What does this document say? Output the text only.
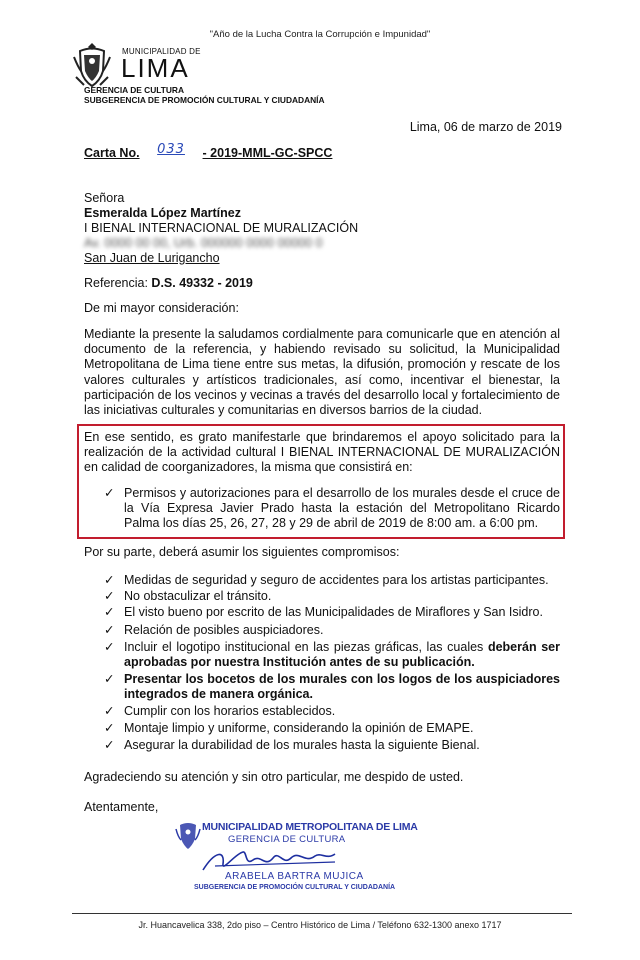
"Año de la Lucha Contra la Corrupción e Impunidad"
MUNICIPALIDAD DE
LIMA
GERENCIA DE CULTURA
SUBGERENCIA DE PROMOCIÓN CULTURAL Y CIUDADANÍA
Lima, 06 de marzo de 2019
Carta No. 033 - 2019-MML-GC-SPCC
Señora
Esmeralda López Martínez
I BIENAL INTERNACIONAL DE MURALIZACIÓN
Av. 0000 00 00, Urb. 000000 0000 00000 0
San Juan de Lurigancho
Referencia: D.S. 49332 - 2019
De mi mayor consideración:
Mediante la presente la saludamos cordialmente para comunicarle que en atención al documento de la referencia, y habiendo revisado su solicitud, la Municipalidad Metropolitana de Lima tiene entre sus metas, la difusión, promoción y rescate de los valores culturales y artísticos tradicionales, así como, incentivar el bienestar, la participación de los vecinos y vecinas a través del desarrollo local y fortalecimiento de las iniciativas culturales y comunitarias en diversos barrios de la ciudad.
En ese sentido, es grato manifestarle que brindaremos el apoyo solicitado para la realización de la actividad cultural I BIENAL INTERNACIONAL DE MURALIZACIÓN en calidad de coorganizadores, la misma que consistirá en:
✓ Permisos y autorizaciones para el desarrollo de los murales desde el cruce de la Vía Expresa Javier Prado hasta la estación del Metropolitano Ricardo Palma los días 25, 26, 27, 28 y 29 de abril de 2019 de 8:00 am. a 6:00 pm.
Por su parte, deberá asumir los siguientes compromisos:
✓ Medidas de seguridad y seguro de accidentes para los artistas participantes.
✓ No obstaculizar el tránsito.
✓ El visto bueno por escrito de las Municipalidades de Miraflores y San Isidro.
✓ Relación de posibles auspiciadores.
✓ Incluir el logotipo institucional en las piezas gráficas, las cuales deberán ser aprobadas por nuestra Institución antes de su publicación.
✓ Presentar los bocetos de los murales con los logos de los auspiciadores integrados de manera orgánica.
✓ Cumplir con los horarios establecidos.
✓ Montaje limpio y uniforme, considerando la opinión de EMAPE.
✓ Asegurar la durabilidad de los murales hasta la siguiente Bienal.
Agradeciendo su atención y sin otro particular, me despido de usted.
Atentamente,
MUNICIPALIDAD METROPOLITANA DE LIMA
GERENCIA DE CULTURA
ARABELA BARTRA MUJICA
SUBGERENCIA DE PROMOCIÓN CULTURAL Y CIUDADANÍA
Jr. Huancavelica 338, 2do piso – Centro Histórico de Lima / Teléfono 632-1300 anexo 1717
